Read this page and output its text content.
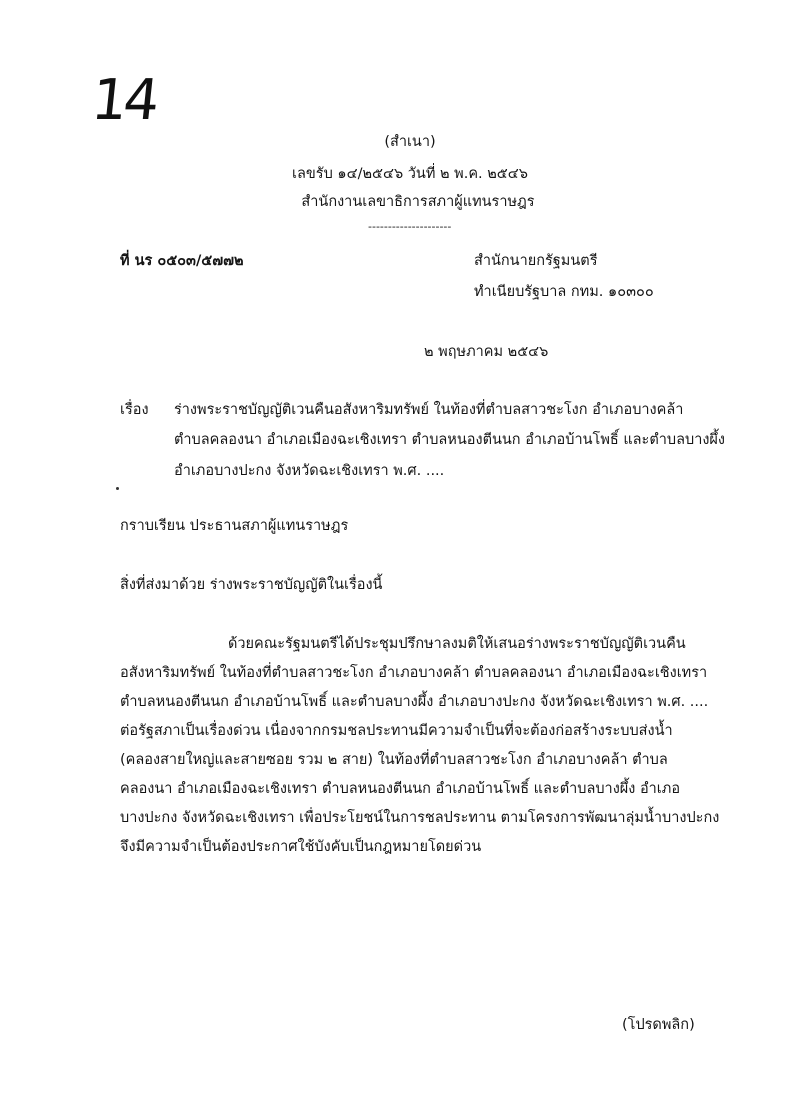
14
(สำเนา)
เลขรับ ๑๔/๒๕๔๖ วันที่ ๒ พ.ค. ๒๕๔๖
สำนักงานเลขาธิการสภาผู้แทนราษฎร
---------------------
ที่ นร ๐๕๐๓/๕๗๗๒	สำนักนายกรัฐมนตรี
ทำเนียบรัฐบาล กทม. ๑๐๓๐๐
๒ พฤษภาคม ๒๕๔๖
เรื่อง ร่างพระราชบัญญัติเวนคืนอสังหาริมทรัพย์ ในท้องที่ตำบลสาวชะโงก อำเภอบางคล้า
ตำบลคลองนา อำเภอเมืองฉะเชิงเทรา ตำบลหนองตีนนก อำเภอบ้านโพธิ์ และตำบลบางผึ้ง
อำเภอบางปะกง จังหวัดฉะเชิงเทรา พ.ศ. ....
กราบเรียน ประธานสภาผู้แทนราษฎร
สิ่งที่ส่งมาด้วย ร่างพระราชบัญญัติในเรื่องนี้
ด้วยคณะรัฐมนตรีได้ประชุมปรึกษาลงมติให้เสนอร่างพระราชบัญญัติเวนคืน
อสังหาริมทรัพย์ ในท้องที่ตำบลสาวชะโงก อำเภอบางคล้า ตำบลคลองนา อำเภอเมืองฉะเชิงเทรา
ตำบลหนองตีนนก อำเภอบ้านโพธิ์ และตำบลบางผึ้ง อำเภอบางปะกง จังหวัดฉะเชิงเทรา พ.ศ. ....
ต่อรัฐสภาเป็นเรื่องด่วน เนื่องจากกรมชลประทานมีความจำเป็นที่จะต้องก่อสร้างระบบส่งน้ำ
(คลองสายใหญ่และสายซอย รวม ๒ สาย) ในท้องที่ตำบลสาวชะโงก อำเภอบางคล้า ตำบล
คลองนา อำเภอเมืองฉะเชิงเทรา ตำบลหนองตีนนก อำเภอบ้านโพธิ์ และตำบลบางผึ้ง อำเภอ
บางปะกง จังหวัดฉะเชิงเทรา เพื่อประโยชน์ในการชลประทาน ตามโครงการพัฒนาลุ่มน้ำบางปะกง
จึงมีความจำเป็นต้องประกาศใช้บังคับเป็นกฎหมายโดยด่วน
(โปรดพลิก)
